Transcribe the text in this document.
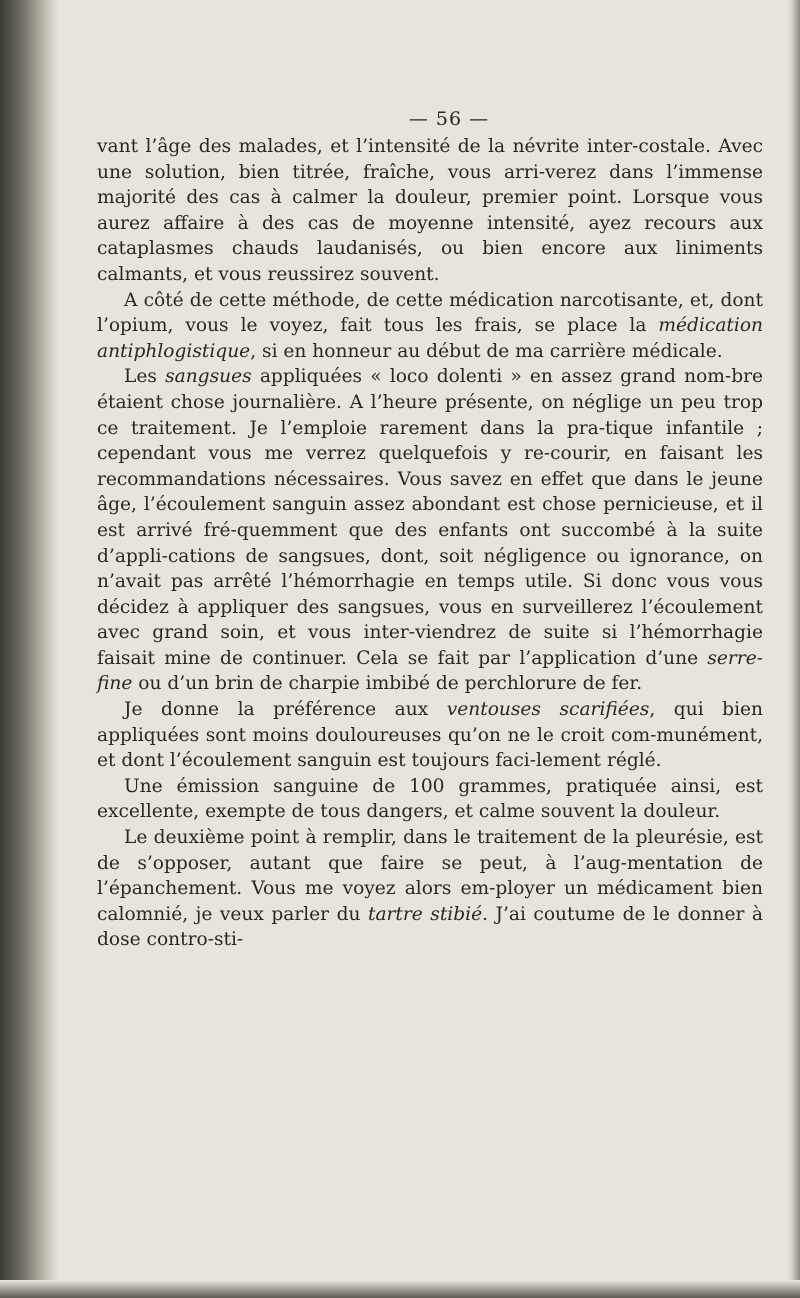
— 56 —

vant l’âge des malades, et l’intensité de la névrite inter-costale. Avec une solution, bien titrée, fraîche, vous arri-verez dans l’immense majorité des cas à calmer la douleur, premier point. Lorsque vous aurez affaire à des cas de moyenne intensité, ayez recours aux cataplasmes chauds laudanisés, ou bien encore aux liniments calmants, et vous reussirez souvent.

A côté de cette méthode, de cette médication narcotisante, et, dont l’opium, vous le voyez, fait tous les frais, se place la médication antiphlogistique, si en honneur au début de ma carrière médicale.

Les sangsues appliquées « loco dolenti » en assez grand nom-bre étaient chose journalière. A l’heure présente, on néglige un peu trop ce traitement. Je l’emploie rarement dans la pra-tique infantile ; cependant vous me verrez quelquefois y re-courir, en faisant les recommandations nécessaires. Vous savez en effet que dans le jeune âge, l’écoulement sanguin assez abondant est chose pernicieuse, et il est arrivé fré-quemment que des enfants ont succombé à la suite d’appli-cations de sangsues, dont, soit négligence ou ignorance, on n’avait pas arrêté l’hémorrhagie en temps utile. Si donc vous vous décidez à appliquer des sangsues, vous en surveillerez l’écoulement avec grand soin, et vous inter-viendrez de suite si l’hémorrhagie faisait mine de continuer. Cela se fait par l’application d’une serre-fine ou d’un brin de charpie imbibé de perchlorure de fer.

Je donne la préférence aux ventouses scarifiées, qui bien appliquées sont moins douloureuses qu’on ne le croit com-munément, et dont l’écoulement sanguin est toujours faci-lement réglé.

Une émission sanguine de 100 grammes, pratiquée ainsi, est excellente, exempte de tous dangers, et calme souvent la douleur.

Le deuxième point à remplir, dans le traitement de la pleurésie, est de s’opposer, autant que faire se peut, à l’aug-mentation de l’épanchement. Vous me voyez alors em-ployer un médicament bien calomnié, je veux parler du tartre stibié. J’ai coutume de le donner à dose contro-sti-
